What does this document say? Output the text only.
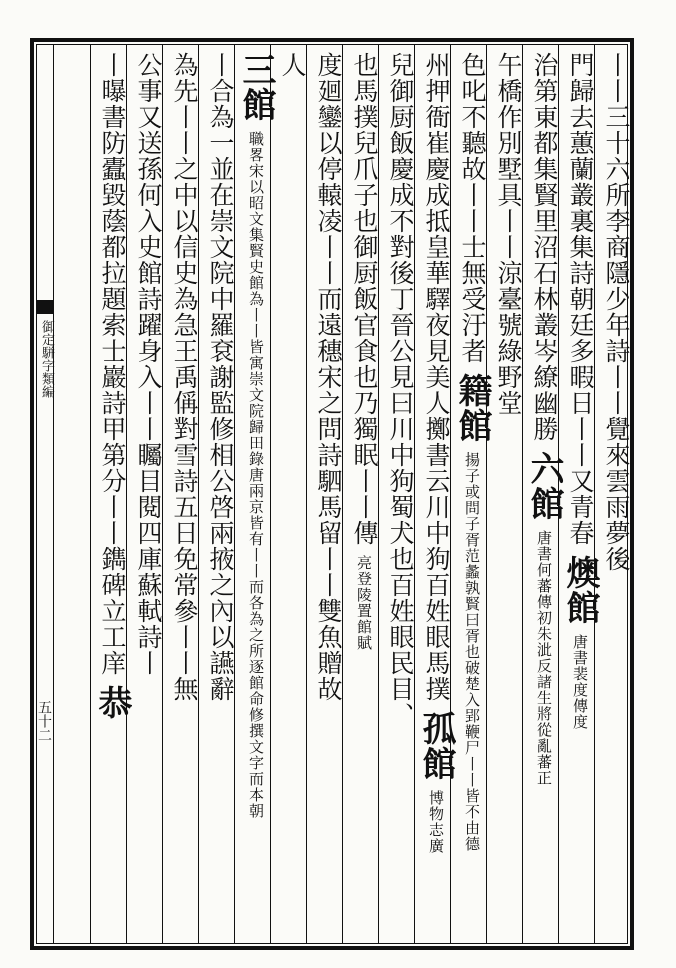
御定駢字類編
五十二
丨丨三十六所李商隱少年詩丨丨覺來雲雨夢後
門歸去蕙蘭叢裏集詩朝廷多暇日丨丨又青春 燠館 唐書裴度傳度
治第東都集賢里沼石林叢岑繚幽勝 六館 唐書何蕃傳初朱泚反諸生將從亂蕃正
午橋作別墅具丨丨涼臺號綠野堂
色叱不聽故丨丨士無受汙者 籍館 揚子或問子胥范蠡孰賢曰胥也破楚入郢鞭尸丨丨皆不由德
州押衙崔慶成抵皇華驛夜見美人擲書云川中狗百姓眼馬撲 孤館 博物志廣
兒御厨飯慶成不對後丁晉公見曰川中狗蜀犬也百姓眼民目、
也馬撲兒爪子也御厨飯官食也乃獨眠丨丨傳 亮登陵置館賦
度廻鑾以停轅凌丨丨而遠穗宋之問詩駟馬留丨丨雙魚贈故
人
三館 職畧宋以昭文集賢史館為丨丨皆寓崇文院歸田錄唐兩京皆有丨丨而各為之所逐館命修撰文字而本朝
丨合為一並在崇文院中羅袞謝監修相公啓兩掖之內以讌辭
為先丨丨之中以信史為急王禹偁對雪詩五日免常參丨丨無
公事又送孫何入史館詩躍身入丨丨矚目閱四庫蘇軾詩丨
丨曝書防蠹毀蔭都拉題索士巖詩甲第分丨丨鐫碑立工庠 恭
